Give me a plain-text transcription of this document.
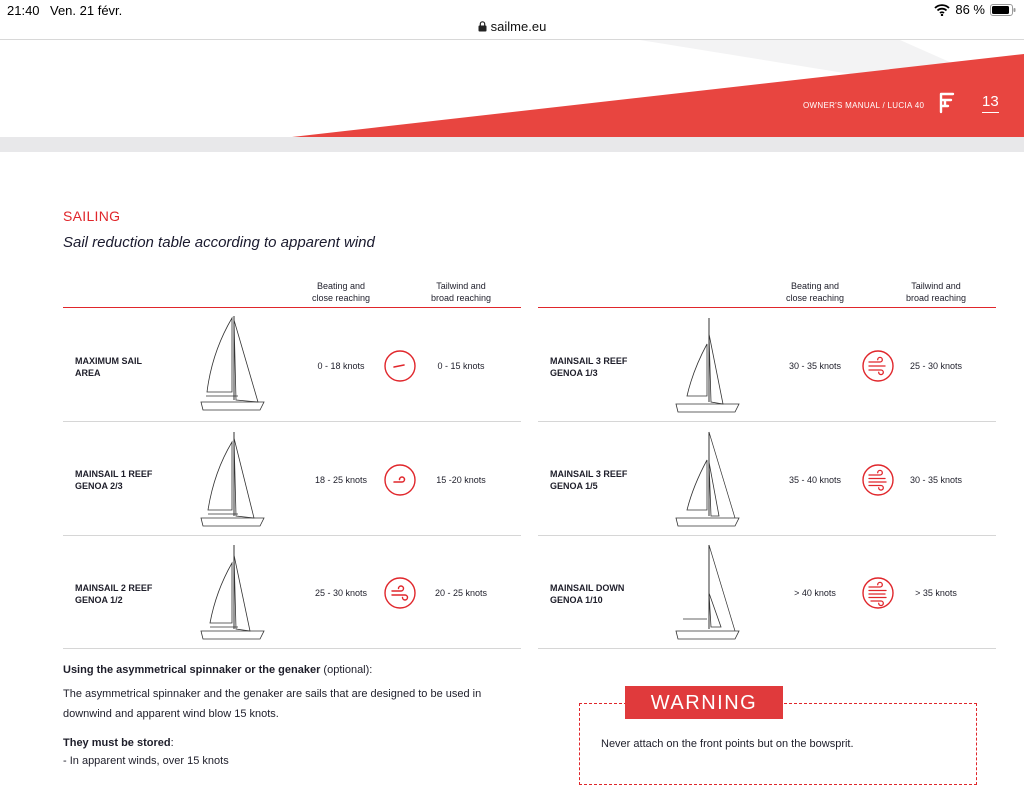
21:40 Ven. 21 févr.	86 %
sailme.eu
OWNER'S MANUAL / LUCIA 40	13
SAILING
Sail reduction table according to apparent wind
Beating and
close reaching
Tailwind and
broad reaching
MAXIMUM SAIL
AREA
0 - 18 knots	0 - 15 knots
MAINSAIL 1 REEF
GENOA 2/3
18 - 25 knots	15 -20 knots
MAINSAIL 2 REEF
GENOA 1/2
25 - 30 knots	20 - 25 knots
Beating and
close reaching
Tailwind and
broad reaching
MAINSAIL 3 REEF
GENOA 1/3
30 - 35 knots	25 - 30 knots
MAINSAIL 3 REEF
GENOA 1/5
35 - 40 knots	30 - 35 knots
MAINSAIL DOWN
GENOA 1/10
> 40 knots	> 35 knots
Using the asymmetrical spinnaker or the genaker (optional):
The asymmetrical spinnaker and the genaker are sails that are designed to be used in
downwind and apparent wind blow 15 knots.
They must be stored:
- In apparent winds, over 15 knots
WARNING
Never attach on the front points but on the bowsprit.
